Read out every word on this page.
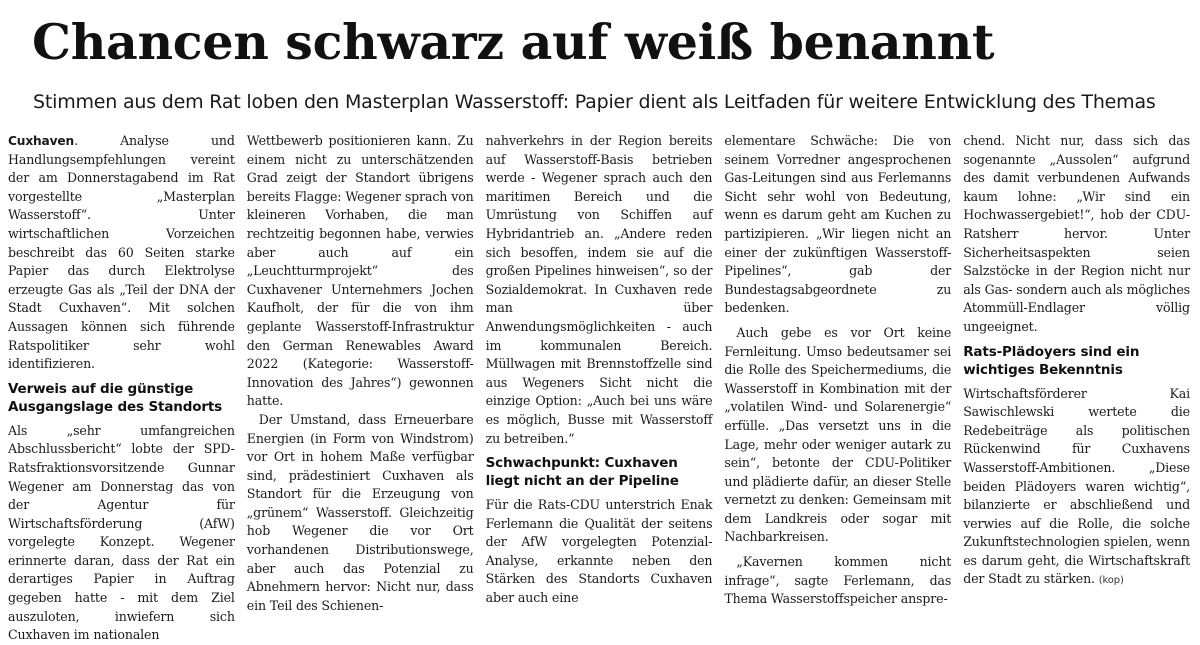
Chancen schwarz auf weiß benannt
Stimmen aus dem Rat loben den Masterplan Wasserstoff: Papier dient als Leitfaden für weitere Entwicklung des Themas

Cuxhaven. Analyse und Handlungsempfehlungen vereint der am Donnerstagabend im Rat vorgestellte „Masterplan Wasserstoff“. Unter wirtschaftlichen Vorzeichen beschreibt das 60 Seiten starke Papier das durch Elektrolyse erzeugte Gas als „Teil der DNA der Stadt Cuxhaven“. Mit solchen Aussagen können sich führende Ratspolitiker sehr wohl identifizieren.

Verweis auf die günstige Ausgangslage des Standorts

Als „sehr umfangreichen Abschlussbericht“ lobte der SPD-Ratsfraktionsvorsitzende Gunnar Wegener am Donnerstag das von der Agentur für Wirtschaftsförderung (AfW) vorgelegte Konzept. Wegener erinnerte daran, dass der Rat ein derartiges Papier in Auftrag gegeben hatte - mit dem Ziel auszuloten, inwiefern sich Cuxhaven im nationalen

Wettbewerb positionieren kann. Zu einem nicht zu unterschätzenden Grad zeigt der Standort übrigens bereits Flagge: Wegener sprach von kleineren Vorhaben, die man rechtzeitig begonnen habe, verwies aber auch auf ein „Leuchtturmprojekt“ des Cuxhavener Unternehmers Jochen Kaufholt, der für die von ihm geplante Wasserstoff-Infrastruktur den German Renewables Award 2022 (Kategorie: Wasserstoff-Innovation des Jahres“) gewonnen hatte.

Der Umstand, dass Erneuerbare Energien (in Form von Windstrom) vor Ort in hohem Maße verfügbar sind, prädestiniert Cuxhaven als Standort für die Erzeugung von „grünem“ Wasserstoff. Gleichzeitig hob Wegener die vor Ort vorhandenen Distributionswege, aber auch das Potenzial zu Abnehmern hervor: Nicht nur, dass ein Teil des Schienen-

nahverkehrs in der Region bereits auf Wasserstoff-Basis betrieben werde - Wegener sprach auch den maritimen Bereich und die Umrüstung von Schiffen auf Hybridantrieb an. „Andere reden sich besoffen, indem sie auf die großen Pipelines hinweisen“, so der Sozialdemokrat. In Cuxhaven rede man über Anwendungsmöglichkeiten - auch im kommunalen Bereich. Müllwagen mit Brennstoffzelle sind aus Wegeners Sicht nicht die einzige Option: „Auch bei uns wäre es möglich, Busse mit Wasserstoff zu betreiben.“

Schwachpunkt: Cuxhaven liegt nicht an der Pipeline

Für die Rats-CDU unterstrich Enak Ferlemann die Qualität der seitens der AfW vorgelegten Potenzial-Analyse, erkannte neben den Stärken des Standorts Cuxhaven aber auch eine

elementare Schwäche: Die von seinem Vorredner angesprochenen Gas-Leitungen sind aus Ferlemanns Sicht sehr wohl von Bedeutung, wenn es darum geht am Kuchen zu partizipieren. „Wir liegen nicht an einer der zukünftigen Wasserstoff-Pipelines“, gab der Bundestagsabgeordnete zu bedenken.

Auch gebe es vor Ort keine Fernleitung. Umso bedeutsamer sei die Rolle des Speichermediums, die Wasserstoff in Kombination mit der „volatilen Wind- und Solarenergie“ erfülle. „Das versetzt uns in die Lage, mehr oder weniger autark zu sein“, betonte der CDU-Politiker und plädierte dafür, an dieser Stelle vernetzt zu denken: Gemeinsam mit dem Landkreis oder sogar mit Nachbarkreisen.

„Kavernen kommen nicht infrage“, sagte Ferlemann, das Thema Wasserstoffspeicher anspre-

chend. Nicht nur, dass sich das sogenannte „Aussolen“ aufgrund des damit verbundenen Aufwands kaum lohne: „Wir sind ein Hochwassergebiet!“, hob der CDU-Ratsherr hervor. Unter Sicherheitsaspekten seien Salzstöcke in der Region nicht nur als Gas- sondern auch als mögliches Atommüll-Endlager völlig ungeeignet.

Rats-Plädoyers sind ein wichtiges Bekenntnis

Wirtschaftsförderer Kai Sawischlewski wertete die Redebeiträge als politischen Rückenwind für Cuxhavens Wasserstoff-Ambitionen. „Diese beiden Plädoyers waren wichtig“, bilanzierte er abschließend und verwies auf die Rolle, die solche Zukunftstechnologien spielen, wenn es darum geht, die Wirtschaftskraft der Stadt zu stärken. (kop)
